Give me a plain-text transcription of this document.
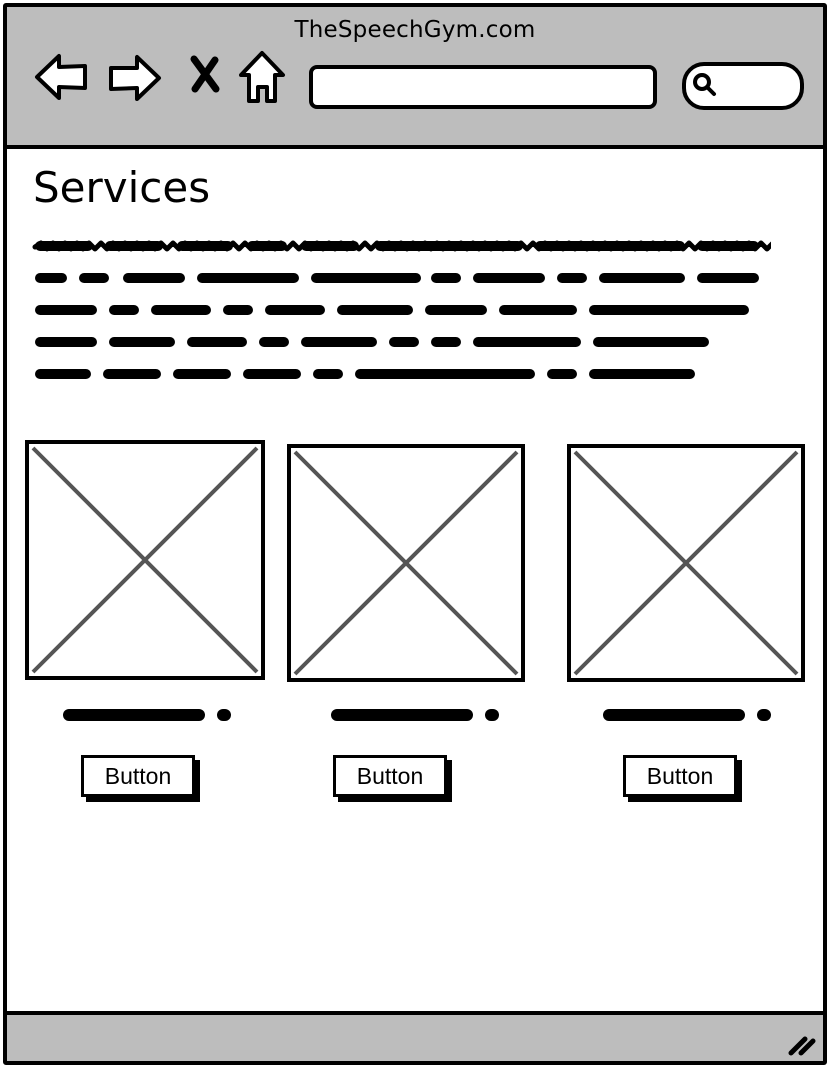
TheSpeechGym.com
Services
Button	Button	Button
